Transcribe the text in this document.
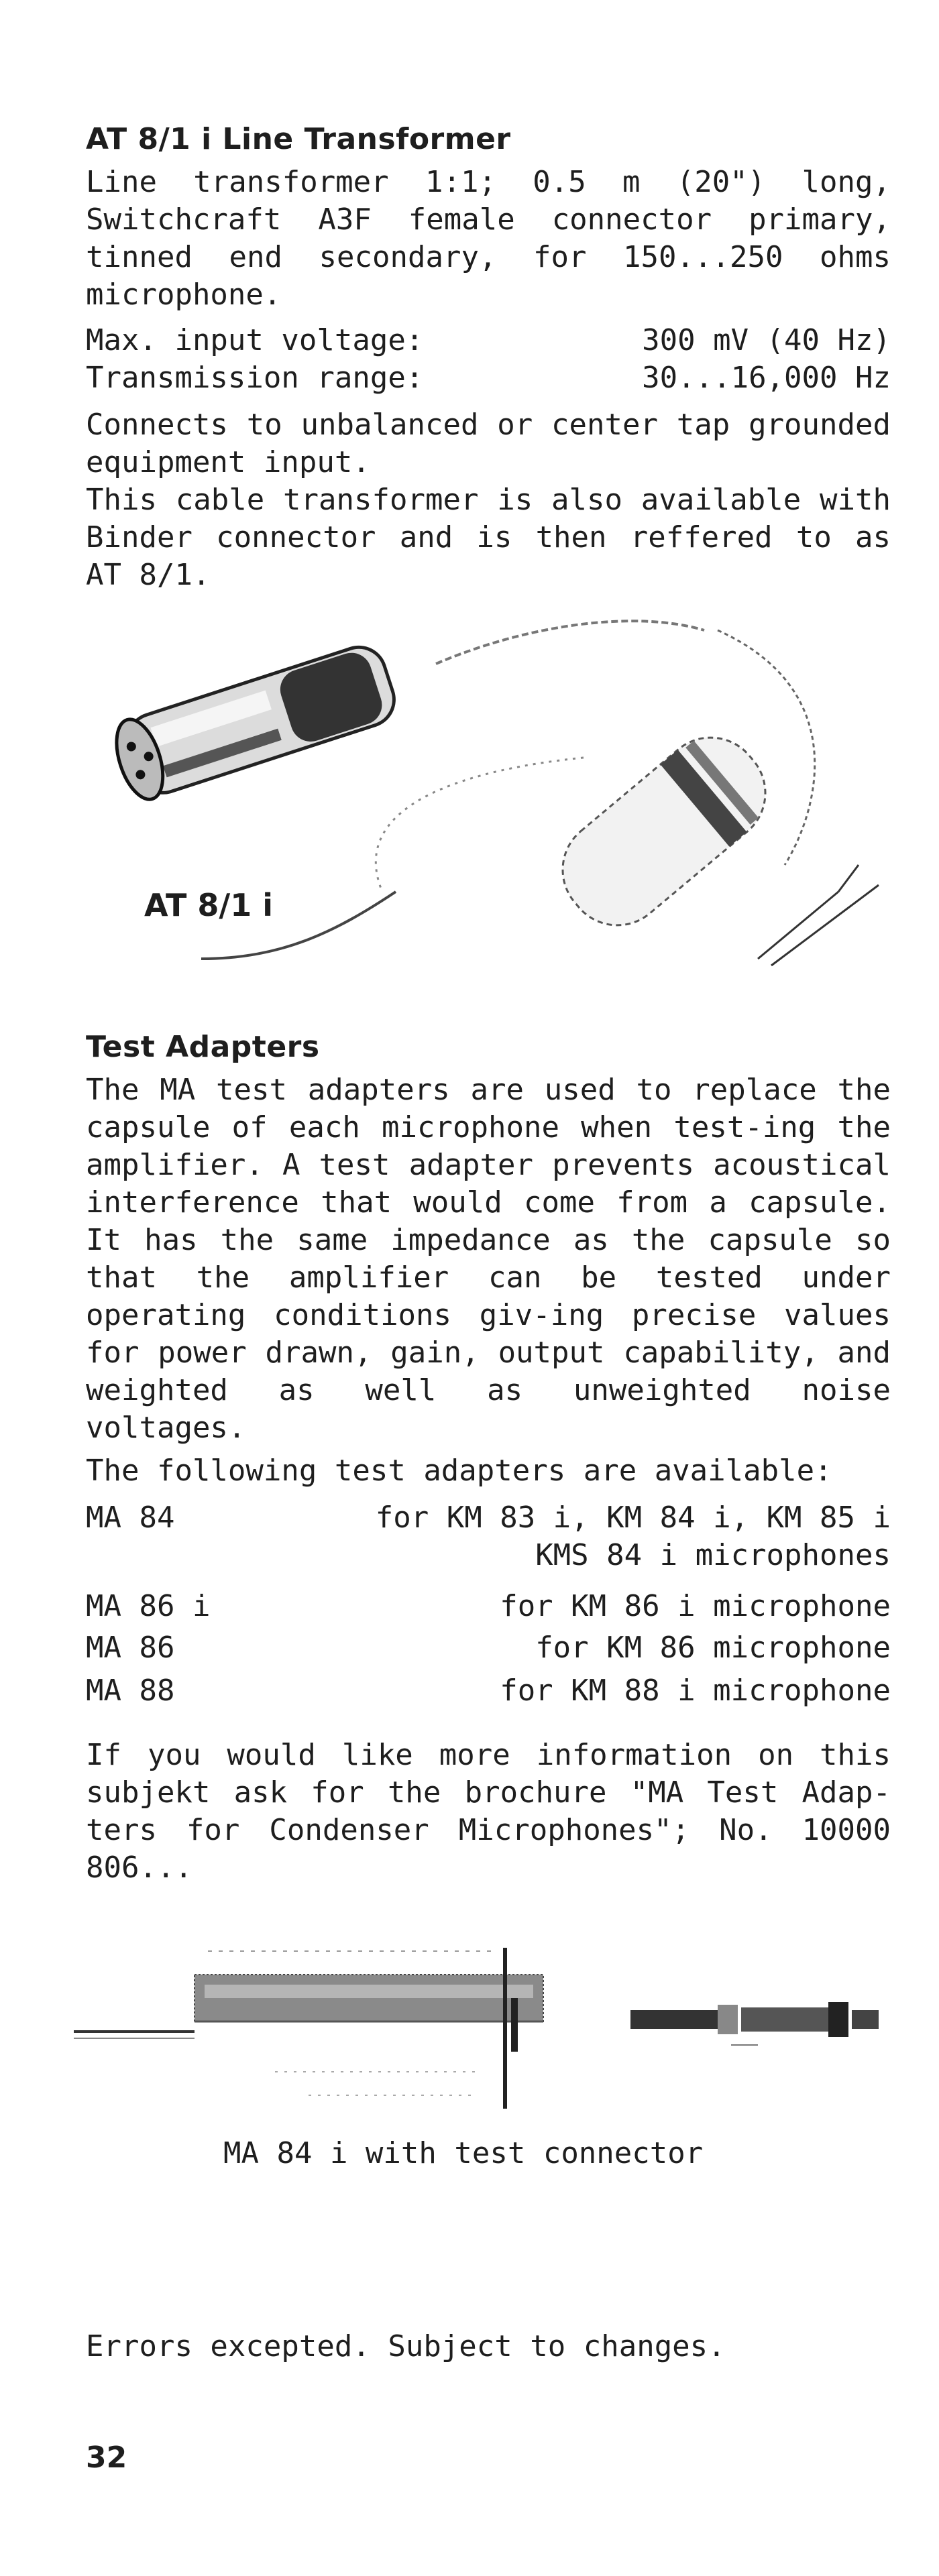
AT 8/1 i Line Transformer

Line transformer 1:1; 0.5 m (20") long, Switchcraft A3F female connector primary, tinned end secondary, for 150...250 ohms microphone.

Max. input voltage:	300 mV (40 Hz)
Transmission range:	30...16,000 Hz

Connects to unbalanced or center tap grounded equipment input.

This cable transformer is also available with Binder connector and is then reffered to as AT 8/1.

AT 8/1 i
Test Adapters

The MA test adapters are used to replace the capsule of each microphone when test-ing the amplifier. A test adapter prevents acoustical interference that would come from a capsule. It has the same impedance as the capsule so that the amplifier can be tested under operating conditions giv-ing precise values for power drawn, gain, output capability, and weighted as well as unweighted noise voltages.

The following test adapters are available:

MA 84	for KM 83 i, KM 84 i, KM 85 i
KMS 84 i microphones
MA 86 i	for KM 86 i microphone
MA 86	for KM 86 microphone
MA 88	for KM 88 i microphone

If you would like more information on this subjekt ask for the brochure "MA Test Adap-ters for Condenser Microphones"; No. 10000 806...

MA 84 i with test connector

Errors excepted. Subject to changes.

32
